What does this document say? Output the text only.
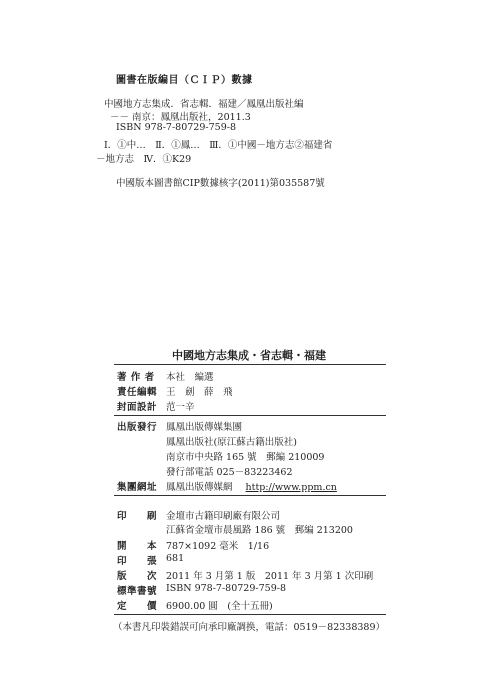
圖書在版編目（ＣＩＰ）數據
中國地方志集成．省志輯．福建／鳳凰出版社編
－－ 南京：鳳凰出版社，2011.3
ISBN 978-7-80729-759-8
Ⅰ．①中…　Ⅱ．①鳳…　Ⅲ．①中國－地方志②福建省
－地方志　Ⅳ．①K29
中國版本圖書館CIP數據核字(2011)第035587號
中國地方志集成・省志輯・福建
著 作 者 本社　編選
責任編輯 王　劍　薛　飛
封面設計 范一辛
出版發行 鳳凰出版傳媒集團
鳳凰出版社(原江蘇古籍出版社)
南京市中央路 165 號　郵編 210009
發行部電話 025－83223462
集團網址 鳳凰出版傳媒網 http://www.ppm.cn
印　　刷 金壇市古籍印刷廠有限公司
江蘇省金壇市晨風路 186 號　郵編 213200
開　　本 787×1092 毫米　1/16
印　　張 681
版　　次 2011 年 3 月第 1 版　2011 年 3 月第 1 次印刷
標準書號 ISBN 978-7-80729-759-8
定　　價 6900.00 圓　(全十五冊)
（本書凡印裝錯誤可向承印廠調换，電話：0519－82338389）
